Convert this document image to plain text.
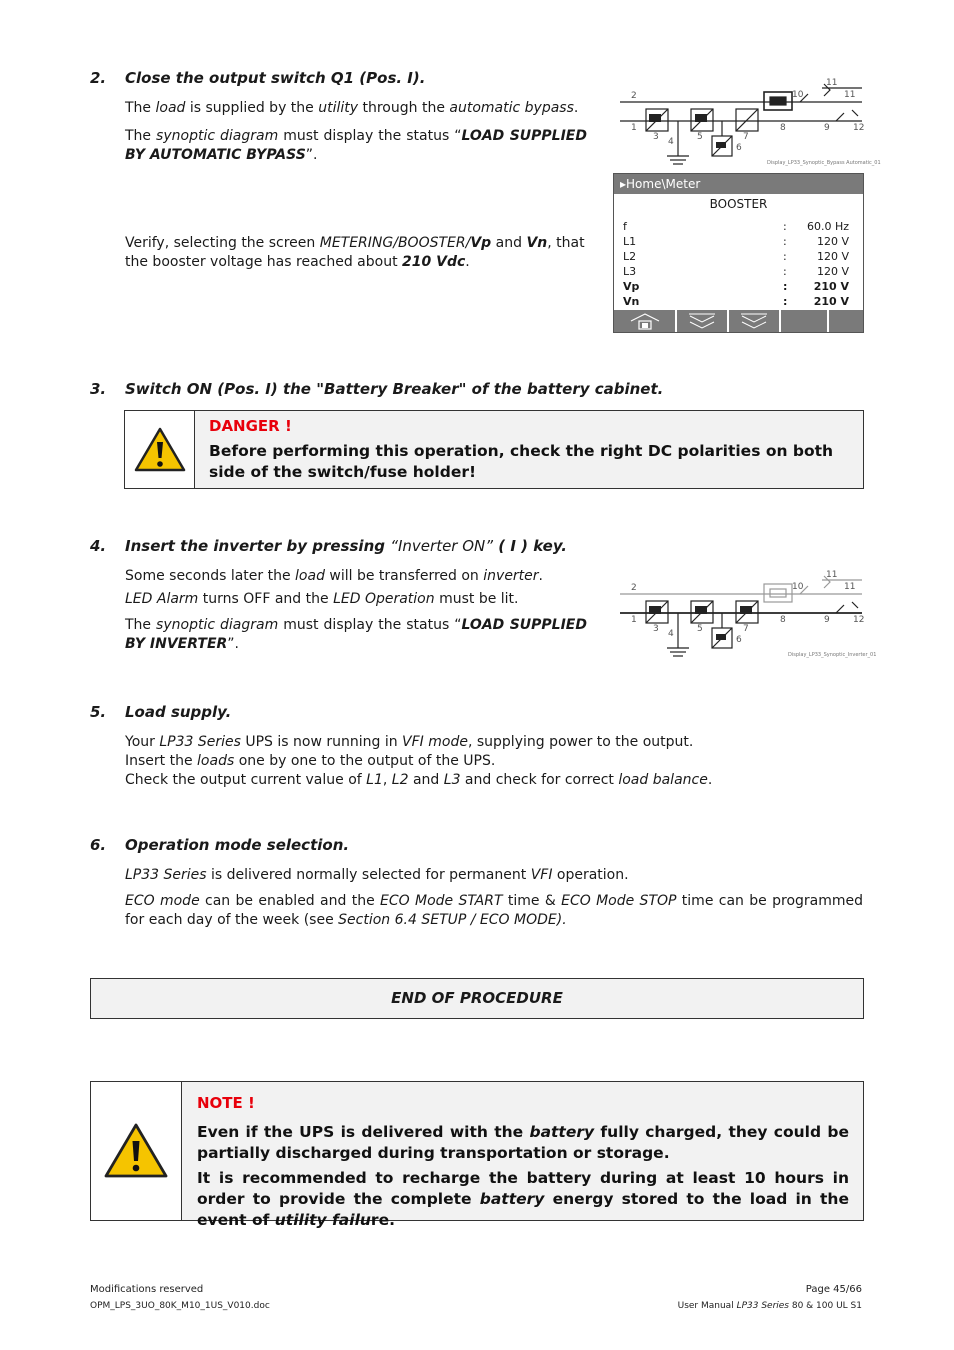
2. Close the output switch Q1 (Pos. I).
The load is supplied by the utility through the automatic bypass.
The synoptic diagram must display the status “LOAD SUPPLIED BY AUTOMATIC BYPASS”.
Verify, selecting the screen METERING/BOOSTER/Vp and Vn, that the booster voltage has reached about 210 Vdc.
2
1
3 4	5
6
7
8	9
10
11
11
12
Display_LP33_Synoptic_Bypass Automatic_01
▸Home\Meter
BOOSTER
f	: 60.0 Hz
L1	:	120 V
L2	:	120 V
L3	:	120 V
Vp	: 210 V
Vn	: 210 V
3. Switch ON (Pos. I) the "Battery Breaker" of the battery cabinet.
DANGER !
Before performing this operation, check the right DC polarities on both side of the switch/fuse holder!
4. Insert the inverter by pressing “Inverter ON” ( I ) key.
Some seconds later the load will be transferred on inverter.
LED Alarm turns OFF and the LED Operation must be lit.
The synoptic diagram must display the status “LOAD SUPPLIED BY INVERTER”.
2
1
3 4	5
6
7
8	9
10
11
11
12
Display_LP33_Synoptic_Inverter_01
5. Load supply.
Your LP33 Series UPS is now running in VFI mode, supplying power to the output.
Insert the loads one by one to the output of the UPS.
Check the output current value of L1, L2 and L3 and check for correct load balance.
6. Operation mode selection.
LP33 Series is delivered normally selected for permanent VFI operation.
ECO mode can be enabled and the ECO Mode START time & ECO Mode STOP time can be programmed for each day of the week (see Section 6.4 SETUP / ECO MODE).
END OF PROCEDURE
NOTE !
Even if the UPS is delivered with the battery fully charged, they could be partially discharged during transportation or storage.
It is recommended to recharge the battery during at least 10 hours in order to provide the complete battery energy stored to the load in the event of utility failure.
Modifications reserved
OPM_LPS_3UO_80K_M10_1US_V010.doc
Page 45/66
User Manual LP33 Series 80 & 100 UL S1
